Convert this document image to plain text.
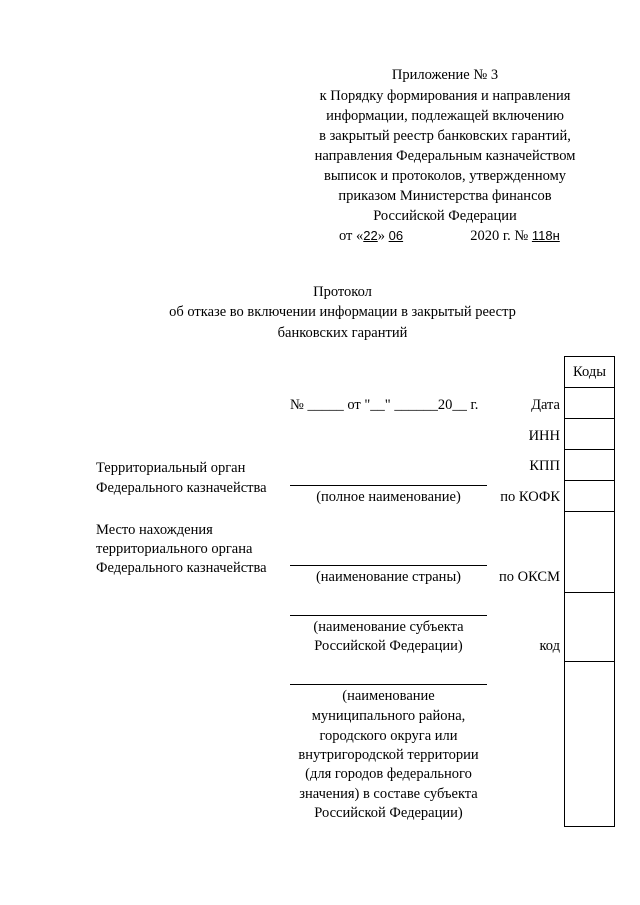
Приложение № 3
к Порядку формирования и направления
информации, подлежащей включению
в закрытый реестр банковских гарантий,
направления Федеральным казначейством
выписок и протоколов, утвержденному
приказом Министерства финансов
Российской Федерации
от «22» 06	2020 г. № 118н
Протокол
об отказе во включении информации в закрытый реестр
банковских гарантий
Коды
№ _____ от "__" ______20__ г.	Дата
ИНН
КПП
по КОФК
по ОКСМ
код
Территориальный орган
Федерального казначейства
Место нахождения
территориального органа
Федерального казначейства
(полное наименование)
(наименование страны)
(наименование субъекта
Российской Федерации)
(наименование
муниципального района,
городского округа или
внутригородской территории
(для городов федерального
значения) в составе субъекта
Российской Федерации)
